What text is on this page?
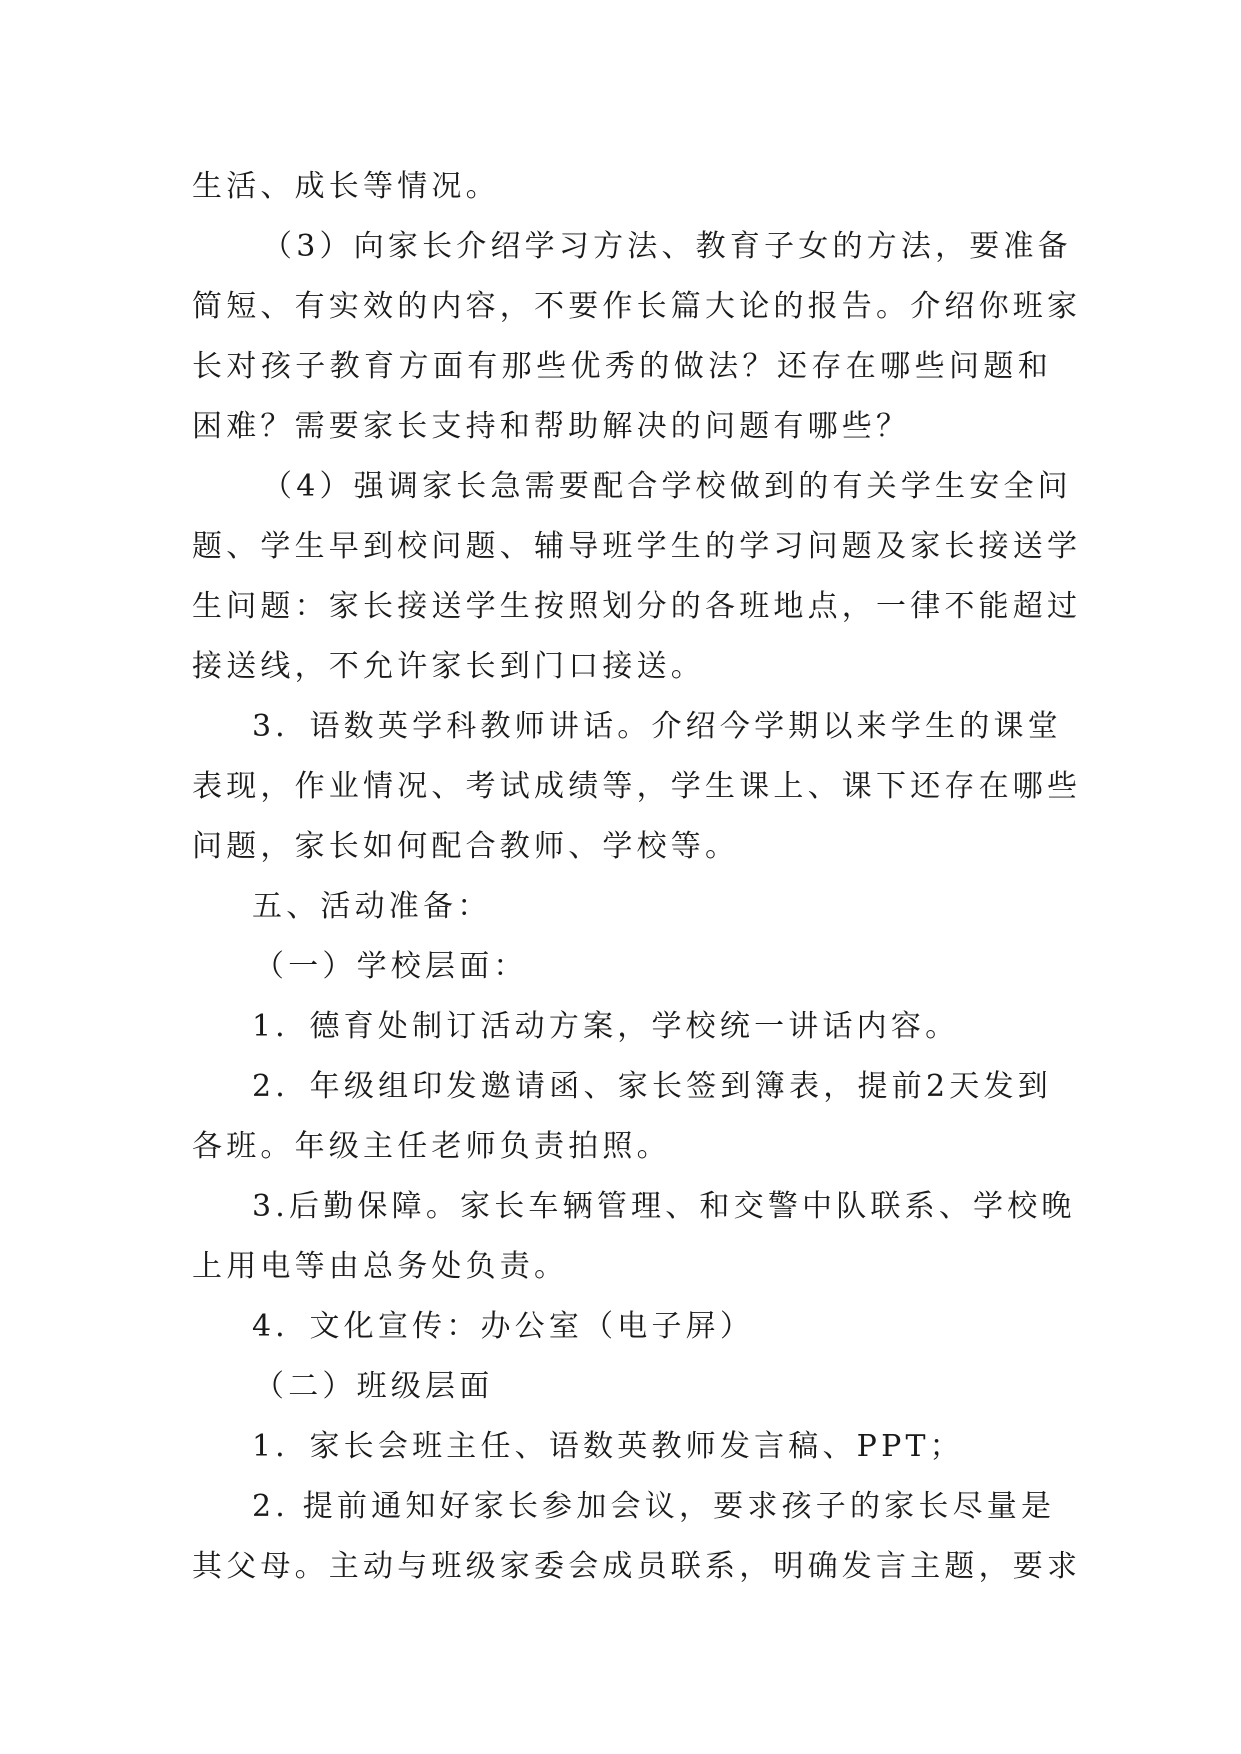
生活、成长等情况。
（3）向家长介绍学习方法、教育子女的方法，要准备
简短、有实效的内容，不要作长篇大论的报告。介绍你班家
长对孩子教育方面有那些优秀的做法？还存在哪些问题和
困难？需要家长支持和帮助解决的问题有哪些？
（4）强调家长急需要配合学校做到的有关学生安全问
题、学生早到校问题、辅导班学生的学习问题及家长接送学
生问题：家长接送学生按照划分的各班地点，一律不能超过
接送线，不允许家长到门口接送。
3．语数英学科教师讲话。介绍今学期以来学生的课堂
表现，作业情况、考试成绩等，学生课上、课下还存在哪些
问题，家长如何配合教师、学校等。
五、活动准备：
（一）学校层面：
1．德育处制订活动方案，学校统一讲话内容。
2．年级组印发邀请函、家长签到簿表，提前2天发到
各班。年级主任老师负责拍照。
3.后勤保障。家长车辆管理、和交警中队联系、学校晚
上用电等由总务处负责。
4．文化宣传：办公室（电子屏）
（二）班级层面
1．家长会班主任、语数英教师发言稿、PPT；
2. 提前通知好家长参加会议，要求孩子的家长尽量是
其父母。主动与班级家委会成员联系，明确发言主题，要求
